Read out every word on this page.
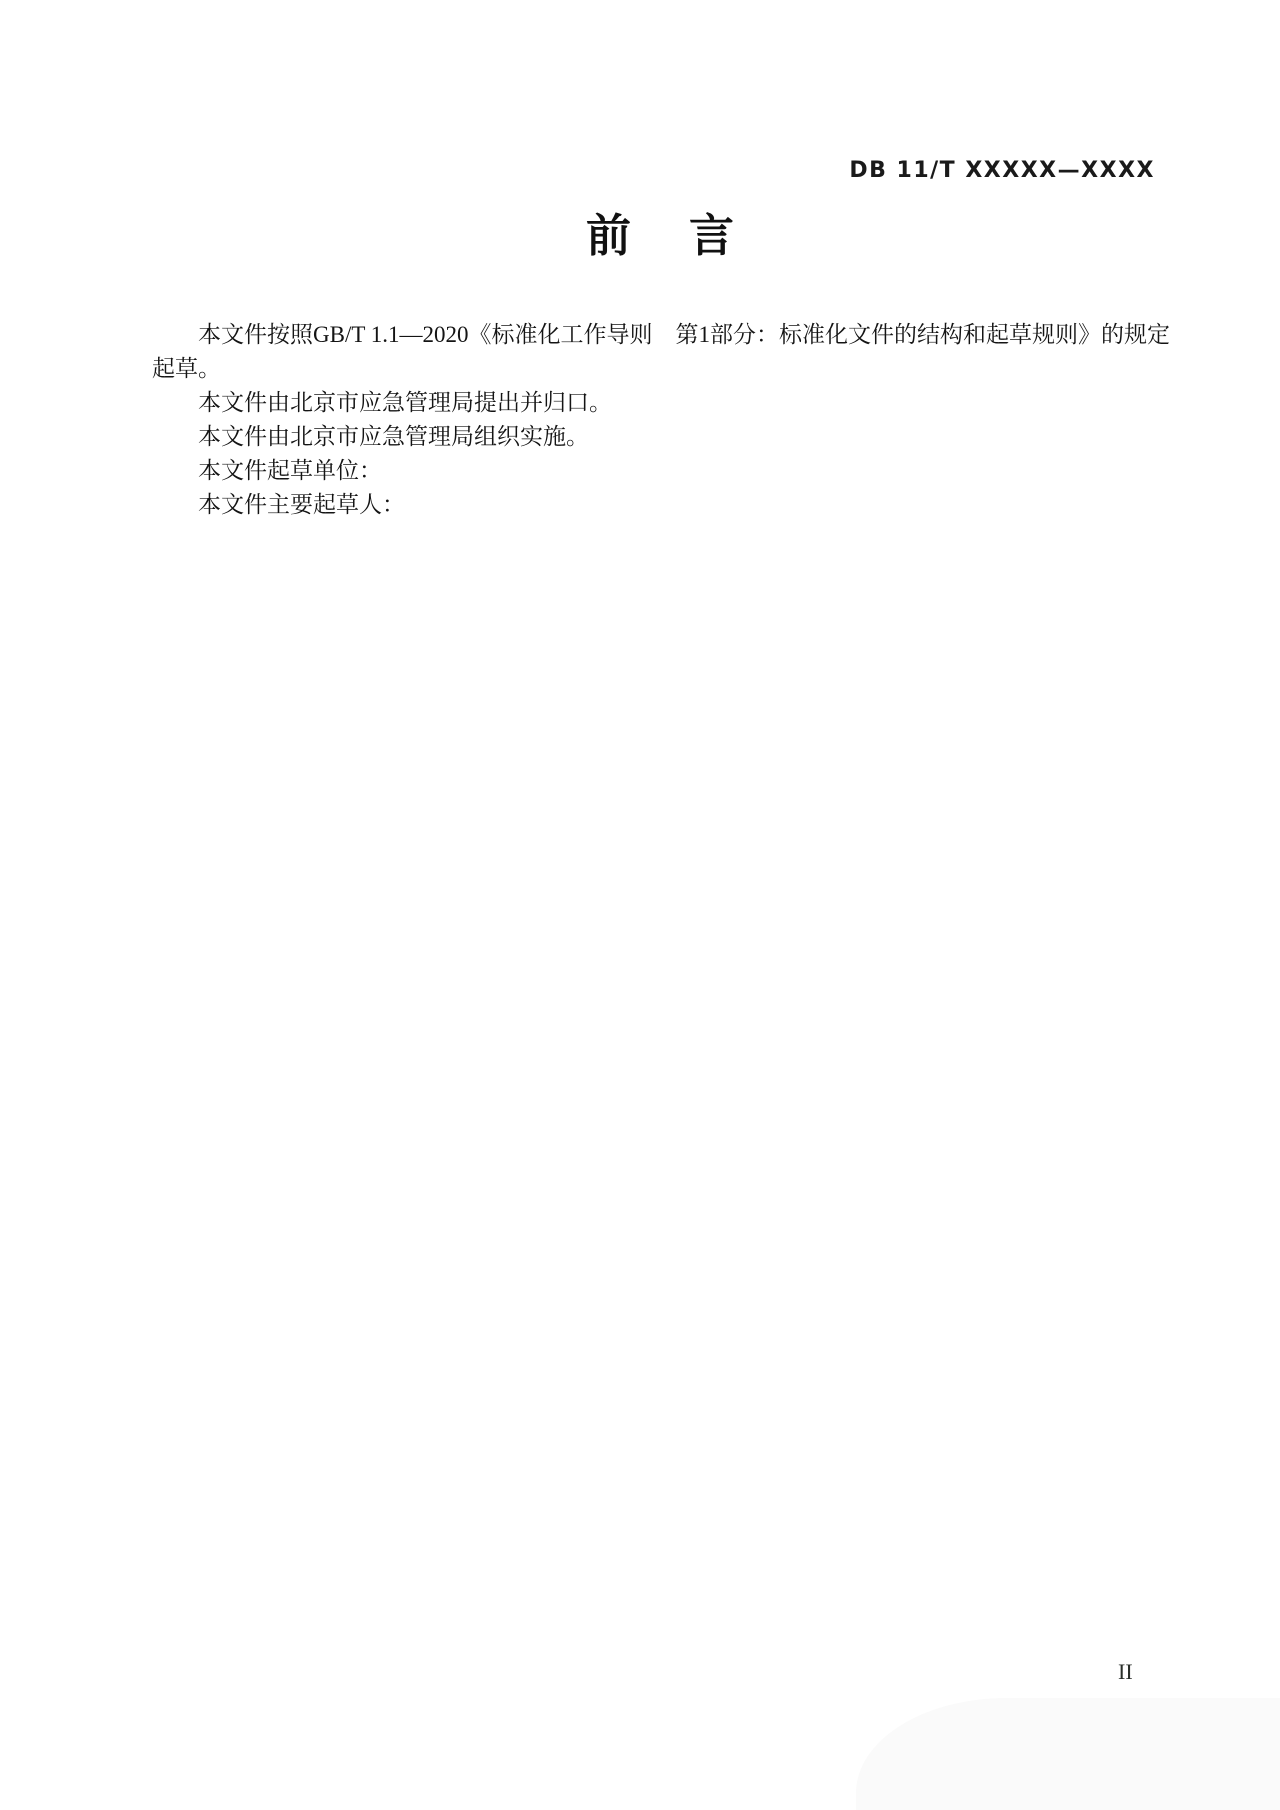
DB 11/T XXXXX—XXXX
前 言

本文件按照GB/T 1.1—2020《标准化工作导则　第1部分：标准化文件的结构和起草规则》的规定

起草。

本文件由北京市应急管理局提出并归口。

本文件由北京市应急管理局组织实施。

本文件起草单位：

本文件主要起草人：

II
